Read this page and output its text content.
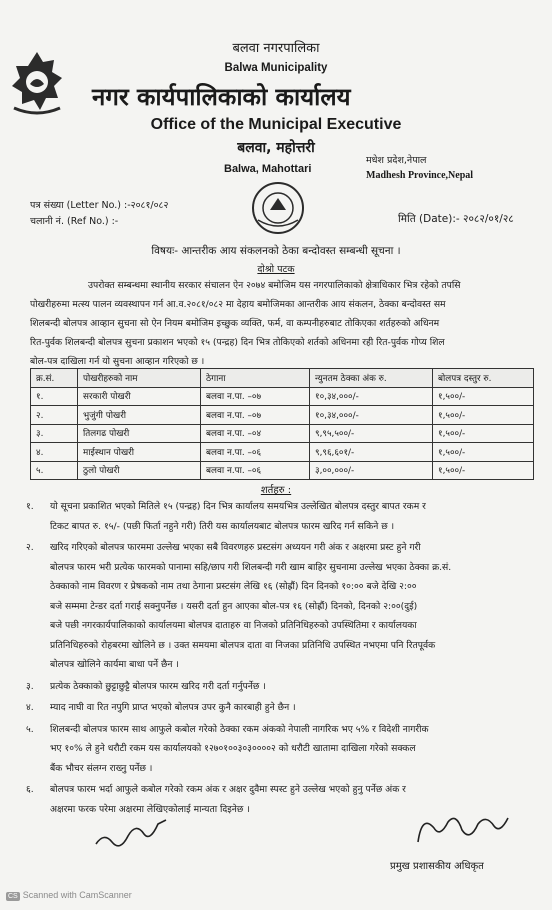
बलवा नगरपालिका
Balwa Municipality
नगर कार्यपालिकाको कार्यालय
Office of the Municipal Executive
बलवा, महोत्तरी
Balwa, Mahottari
मधेश प्रदेश,नेपाल
Madhesh Province,Nepal
पत्र संख्या (Letter No.) :-२०८१/०८२
चलानी नं. (Ref No.) :-	मिति (Date):- २०८२/०१/२८
विषयः- आन्तरीक आय संकलनको ठेका बन्दोवस्त सम्बन्धी सूचना ।
दोश्रो पटक
उपरोक्त सम्बन्धमा स्थानीय सरकार संचालन ऐन २०७४ बमोजिम यस नगरपालिकाको क्षेत्राधिकार भित्र रहेको तपसि
पोखरीहरुमा मत्स्य पालन व्यवस्थापन गर्न आ.व.२०८१/०८२ मा देहाय बमोजिमका आन्तरीक आय संकलन, ठेक्का बन्दोवस्त सम
शिलबन्दी बोलपत्र आव्हान सुचना सो ऐन नियम बमोजिम इच्छुक व्यक्ति, फर्म, वा कम्पनीहरुबाट तोकिएका शर्तहरुको अधिनम
रित-पुर्वक शिलबन्दी बोलपत्र सुचना प्रकाशन भएको १५ (पन्द्रह) दिन भित्र तोकिएको शर्तको अधिनमा रही रित-पुर्वक गोप्य शिल
बोल-पत्र दाखिला गर्न यो सुचना आव्हान गरिएको छ ।
क्र.सं.	पोखरीहरुको नाम	ठेगाना	न्युनतम ठेक्का अंक रु.	बोलपत्र दस्तुर रु.
१.	सरकारी पोखरी	बलवा न.पा. –०७	१०,३४,०००/-	१,५००/-
२.	भुजुंगी पोखरी	बलवा न.पा. –०७	१०,३४,०००/-	१,५००/-
३.	तिलगढ पोखरी	बलवा न.पा. –०४	९,९५,५००/-	१,५००/-
४.	माईस्थान पोखरी	बलवा न.पा. –०६	९,९६,६०१/-	१,५००/-
५.	ठुलो पोखरी	बलवा न.पा. –०६	३,००,०००/-	१,५००/-
शर्तहरु :
१. यो सूचना प्रकाशित भएको मितिले १५ (पन्द्रह) दिन भित्र कार्यालय समयभित्र उल्लेखित बोलपत्र दस्तुर बापत रकम र
टिकट बापत रु. १५/- (पछी फिर्ता नहुने गरी) तिरी यस कार्यालयबाट बोलपत्र फारम खरिद गर्न सकिने छ ।
२. खरिद गरिएको बोलपत्र फारममा उल्लेख भएका सबै विवरणहरु प्रस्टसंग अध्ययन गरी अंक र अक्षरमा प्रस्ट हुने गरी
बोलपत्र फारम भरी प्रत्येक फारमको पानामा सहि/छाप गरी शिलबन्दी गरी खाम बाहिर सुचनामा उल्लेख भएका ठेक्का क्र.सं.
ठेक्काको नाम विवरण र प्रेषकको नाम तथा ठेगाना प्रस्टसंग लेखि १६ (सोह्रौं) दिन दिनको १०:०० बजे देखि २:००
बजे सम्ममा टेन्डर दर्ता गराई सक्नुपर्नेछ । यसरी दर्ता हुन आएका बोल-पत्र १६ (सोह्रौं) दिनको, दिनको २:००(दुई)
बजे पछी नगरकार्यपालिकाको कार्यालयमा बोलपत्र दाताहरु वा निजको प्रतिनिधिहरुको उपस्थितिमा र कार्यालयका
प्रतिनिधिहरुको रोहबरमा खोलिने छ । उक्त समयमा बोलपत्र दाता वा निजका प्रतिनिधि उपस्थित नभएमा पनि रितपूर्वक
बोलपत्र खोलिने कार्यमा बाधा पर्ने छैन ।
३. प्रत्येक ठेक्काको छुट्टाछुट्टै बोलपत्र फारम खरिद गरी दर्ता गर्नुपर्नेछ ।
४. म्याद नाघी वा रित नपुगि प्राप्त भएको बोलपत्र उपर कुनै कारबाही हुने छैन ।
५. शिलबन्दी बोलपत्र फारम साथ आफुले कबोल गरेको ठेक्का रकम अंकको नेपाली नागरिक भए ५% र विदेशी नागरीक
भए १०% ले हुने धरौटी रकम यस कार्यालयको १२७०१००३०३००००२ को धरौटी खातामा दाखिला गरेको सक्कल
बैंक भौचर संलग्न राख्नु पर्नेछ ।
६. बोलपत्र फारम भर्दा आफुले कबोल गरेको रकम अंक र अक्षर दुवैमा स्पस्ट हुने उल्लेख भएको हुनु पर्नेछ अंक र
अक्षरमा फरक परेमा अक्षरमा लेखिएकोलाई मान्यता दिइनेछ ।
प्रमुख प्रशासकीय अधिकृत
CS Scanned with CamScanner
